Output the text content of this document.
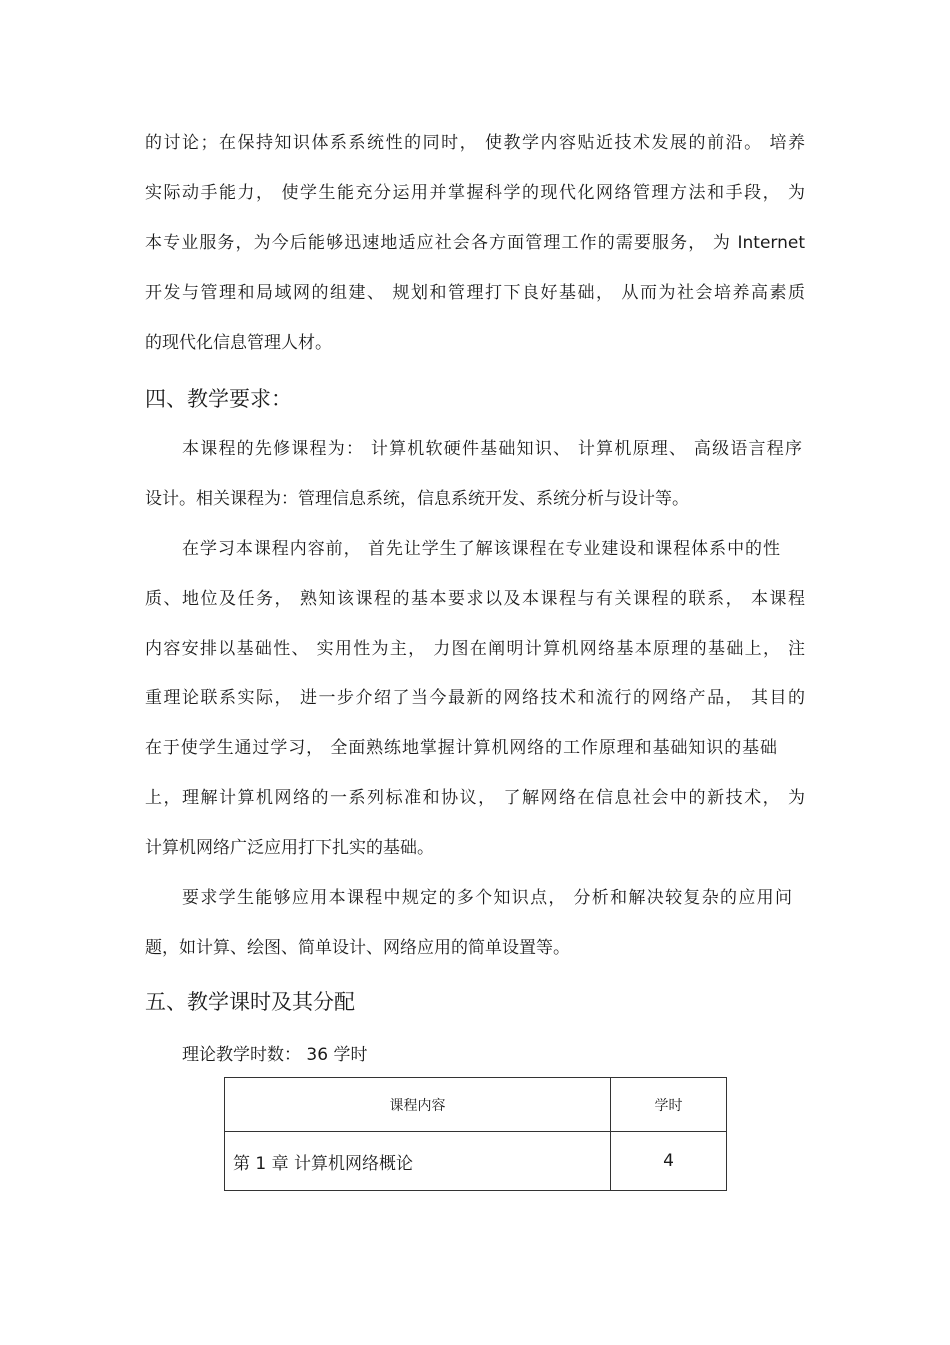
的讨论；在保持知识体系系统性的同时， 使教学内容贴近技术发展的前沿。 培养
实际动手能力， 使学生能充分运用并掌握科学的现代化网络管理方法和手段， 为
本专业服务，为今后能够迅速地适应社会各方面管理工作的需要服务， 为 Internet
开发与管理和局域网的组建、 规划和管理打下良好基础， 从而为社会培养高素质
的现代化信息管理人材。
四、教学要求：
本课程的先修课程为： 计算机软硬件基础知识、 计算机原理、 高级语言程序
设计。相关课程为：管理信息系统，信息系统开发、系统分析与设计等。
在学习本课程内容前， 首先让学生了解该课程在专业建设和课程体系中的性
质、地位及任务， 熟知该课程的基本要求以及本课程与有关课程的联系， 本课程
内容安排以基础性、 实用性为主， 力图在阐明计算机网络基本原理的基础上， 注
重理论联系实际， 进一步介绍了当今最新的网络技术和流行的网络产品， 其目的
在于使学生通过学习， 全面熟练地掌握计算机网络的工作原理和基础知识的基础
上，理解计算机网络的一系列标准和协议， 了解网络在信息社会中的新技术， 为
计算机网络广泛应用打下扎实的基础。
要求学生能够应用本课程中规定的多个知识点， 分析和解决较复杂的应用问
题，如计算、绘图、简单设计、网络应用的简单设置等。
五、教学课时及其分配
理论教学时数： 36 学时
课程内容	学时
第 1 章 计算机网络概论	4
